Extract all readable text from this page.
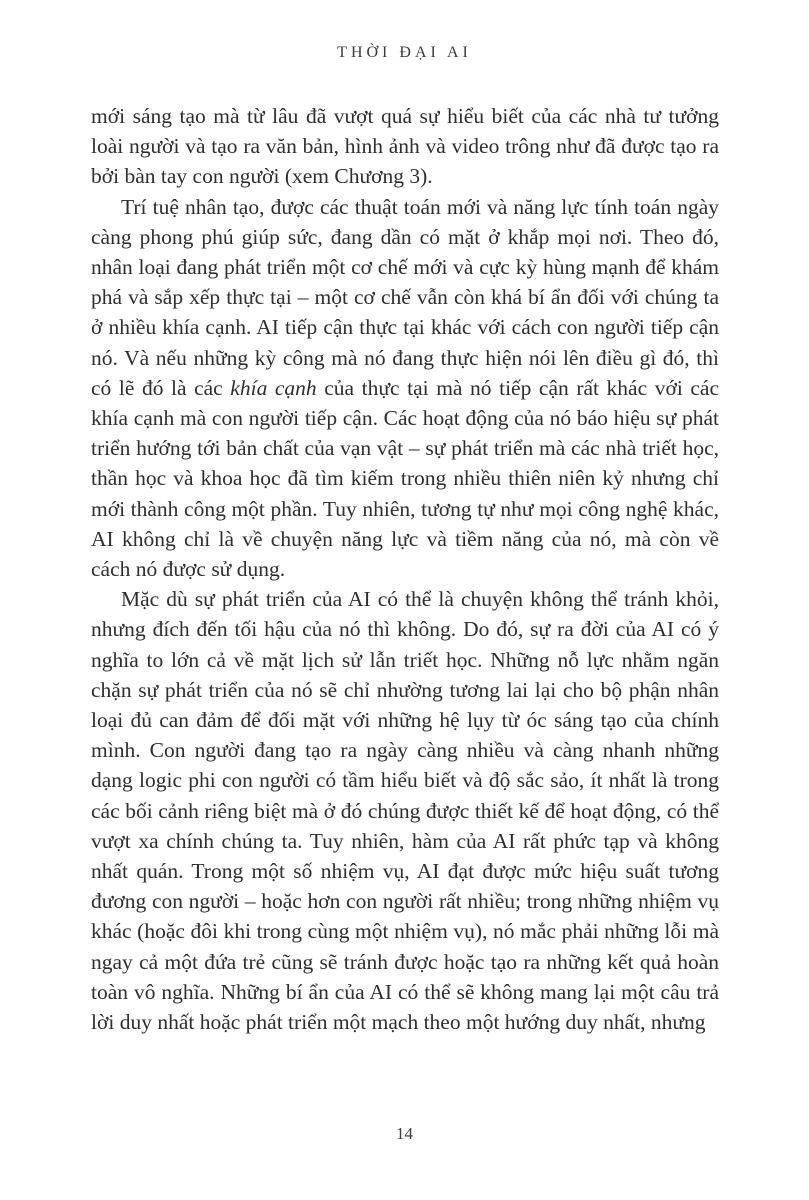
THỜI ĐẠI AI

mới sáng tạo mà từ lâu đã vượt quá sự hiểu biết của các nhà tư tưởng loài người và tạo ra văn bản, hình ảnh và video trông như đã được tạo ra bởi bàn tay con người (xem Chương 3).

Trí tuệ nhân tạo, được các thuật toán mới và năng lực tính toán ngày càng phong phú giúp sức, đang dần có mặt ở khắp mọi nơi. Theo đó, nhân loại đang phát triển một cơ chế mới và cực kỳ hùng mạnh để khám phá và sắp xếp thực tại – một cơ chế vẫn còn khá bí ẩn đối với chúng ta ở nhiều khía cạnh. AI tiếp cận thực tại khác với cách con người tiếp cận nó. Và nếu những kỳ công mà nó đang thực hiện nói lên điều gì đó, thì có lẽ đó là các khía cạnh của thực tại mà nó tiếp cận rất khác với các khía cạnh mà con người tiếp cận. Các hoạt động của nó báo hiệu sự phát triển hướng tới bản chất của vạn vật – sự phát triển mà các nhà triết học, thần học và khoa học đã tìm kiếm trong nhiều thiên niên kỷ nhưng chỉ mới thành công một phần. Tuy nhiên, tương tự như mọi công nghệ khác, AI không chỉ là về chuyện năng lực và tiềm năng của nó, mà còn về cách nó được sử dụng.

Mặc dù sự phát triển của AI có thể là chuyện không thể tránh khỏi, nhưng đích đến tối hậu của nó thì không. Do đó, sự ra đời của AI có ý nghĩa to lớn cả về mặt lịch sử lẫn triết học. Những nỗ lực nhằm ngăn chặn sự phát triển của nó sẽ chỉ nhường tương lai lại cho bộ phận nhân loại đủ can đảm để đối mặt với những hệ lụy từ óc sáng tạo của chính mình. Con người đang tạo ra ngày càng nhiều và càng nhanh những dạng logic phi con người có tầm hiểu biết và độ sắc sảo, ít nhất là trong các bối cảnh riêng biệt mà ở đó chúng được thiết kế để hoạt động, có thể vượt xa chính chúng ta. Tuy nhiên, hàm của AI rất phức tạp và không nhất quán. Trong một số nhiệm vụ, AI đạt được mức hiệu suất tương đương con người – hoặc hơn con người rất nhiều; trong những nhiệm vụ khác (hoặc đôi khi trong cùng một nhiệm vụ), nó mắc phải những lỗi mà ngay cả một đứa trẻ cũng sẽ tránh được hoặc tạo ra những kết quả hoàn toàn vô nghĩa. Những bí ẩn của AI có thể sẽ không mang lại một câu trả lời duy nhất hoặc phát triển một mạch theo một hướng duy nhất, nhưng

14
